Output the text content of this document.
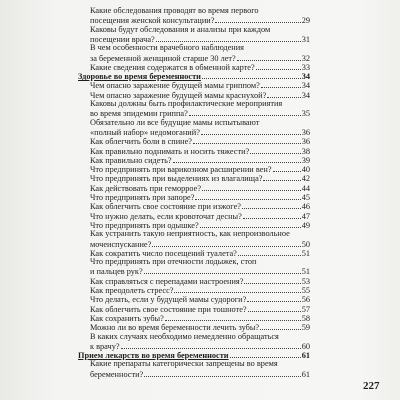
Какие обследования проводят во время первого
посещения женской консультации?	29
Каковы будут обследования и анализы при каждом
посещении врача?	31
В чем особенности врачебного наблюдения
за беременной женщиной старше 30 лет?	32
Какие сведения содержатся в обменной карте?	33
Здоровье во время беременности	34
Чем опасно заражение будущей мамы гриппом?	34
Чем опасно заражение будущей мамы краснухой?	34
Каковы должны быть профилактические мероприятия
во время эпидемии гриппа?	35
Обязательно ли все будущие мамы испытывают
«полный набор» недомоганий?	36
Как облегчить боли в спине?	36
Как правильно поднимать и носить тяжести?	38
Как правильно сидеть?	39
Что предпринять при варикозном расширении вен?	40
Что предпринять при выделениях из влагалища?	42
Как действовать при геморрое?	44
Что предпринять при запоре?	45
Как облегчить свое состояние при изжоге?	46
Что нужно делать, если кровоточат десны?	47
Что предпринять при одышке?	49
Как устранить такую неприятность, как непроизвольное
мочеиспускание?	50
Как сократить число посещений туалета?	51
Что предпринять при отечности лодыжек, стоп
и пальцев рук?	51
Как справляться с перепадами настроения?	53
Как преодолеть стресс?	55
Что делать, если у будущей мамы судороги?	56
Как облегчить свое состояние при тошноте?	57
Как сохранить зубы?	58
Можно ли во время беременности лечить зубы?	59
В каких случаях необходимо немедленно обращаться
к врачу?	60
Прием лекарств во время беременности	61
Какие препараты категорически запрещены во время
беременности?	61
227
